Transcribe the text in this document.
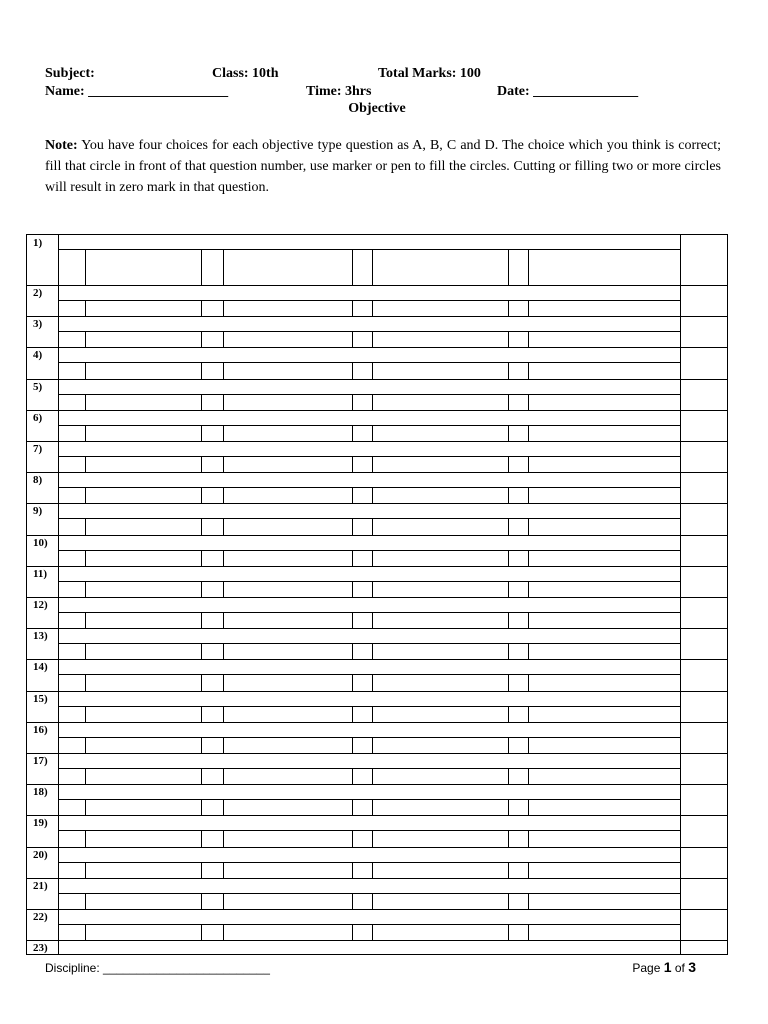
Subject:	Class: 10th	Total Marks: 100
Name: ____________________	Time: 3hrs	Date: _______________
Objective
Note: You have four choices for each objective type question as A, B, C and D. The choice which you think is correct; fill that circle in front of that question number, use marker or pen to fill the circles. Cutting or filling two or more circles will result in zero mark in that question.
1)
2)
3)
4)
5)
6)
7)
8)
9)
10)
11)
12)
13)
14)
15)
16)
17)
18)
19)
20)
21)
22)
23)
Discipline: _________________________	Page 1 of 3
